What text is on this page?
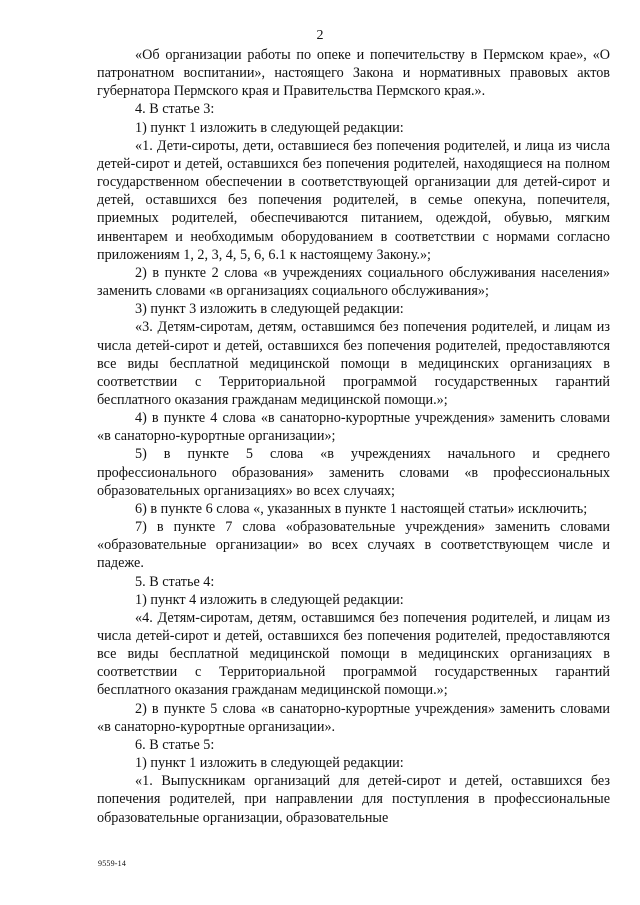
2

«Об организации работы по опеке и попечительству в Пермском крае», «О патронатном воспитании», настоящего Закона и нормативных правовых актов губернатора Пермского края и Правительства Пермского края.».

4. В статье 3:

1) пункт 1 изложить в следующей редакции:

«1. Дети-сироты, дети, оставшиеся без попечения родителей, и лица из числа детей-сирот и детей, оставшихся без попечения родителей, находящиеся на полном государственном обеспечении в соответствующей организации для детей-сирот и детей, оставшихся без попечения родителей, в семье опекуна, попечителя, приемных родителей, обеспечиваются питанием, одеждой, обувью, мягким инвентарем и необходимым оборудованием в соответствии с нормами согласно приложениям 1, 2, 3, 4, 5, 6, 6.1 к настоящему Закону.»;

2) в пункте 2 слова «в учреждениях социального обслуживания населения» заменить словами «в организациях социального обслуживания»;

3) пункт 3 изложить в следующей редакции:

«3. Детям-сиротам, детям, оставшимся без попечения родителей, и лицам из числа детей-сирот и детей, оставшихся без попечения родителей, предоставляются все виды бесплатной медицинской помощи в медицинских организациях в соответствии с Территориальной программой государственных гарантий бесплатного оказания гражданам медицинской помощи.»;

4) в пункте 4 слова «в санаторно-курортные учреждения» заменить словами «в санаторно-курортные организации»;

5) в пункте 5 слова «в учреждениях начального и среднего профессионального образования» заменить словами «в профессиональных образовательных организациях» во всех случаях;

6) в пункте 6 слова «, указанных в пункте 1 настоящей статьи» исключить;

7) в пункте 7 слова «образовательные учреждения» заменить словами «образовательные организации» во всех случаях в соответствующем числе и падеже.

5. В статье 4:

1) пункт 4 изложить в следующей редакции:

«4. Детям-сиротам, детям, оставшимся без попечения родителей, и лицам из числа детей-сирот и детей, оставшихся без попечения родителей, предоставляются все виды бесплатной медицинской помощи в медицинских организациях в соответствии с Территориальной программой государственных гарантий бесплатного оказания гражданам медицинской помощи.»;

2) в пункте 5 слова «в санаторно-курортные учреждения» заменить словами «в санаторно-курортные организации».

6. В статье 5:

1) пункт 1 изложить в следующей редакции:

«1. Выпускникам организаций для детей-сирот и детей, оставшихся без попечения родителей, при направлении для поступления в профессиональные образовательные организации, образовательные

9559-14
